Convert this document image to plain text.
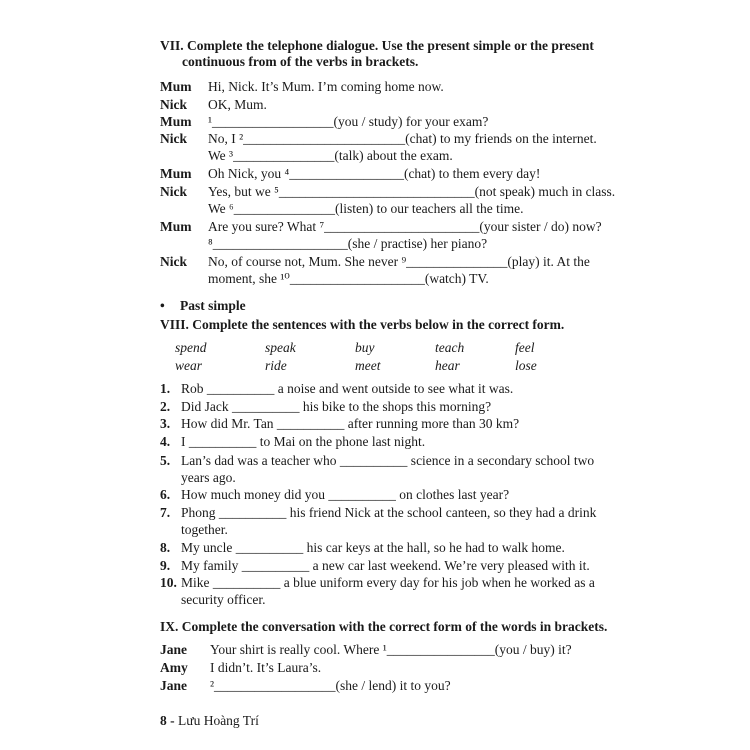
VII. Complete the telephone dialogue. Use the present simple or the present
continuous from of the verbs in brackets.
Mum Hi, Nick. It’s Mum. I’m coming home now.
Nick OK, Mum.
Mum ¹__________________(you / study) for your exam?
Nick No, I ²________________________(chat) to my friends on the internet.
We ³_______________(talk) about the exam.
Mum Oh Nick, you ⁴_________________(chat) to them every day!
Nick Yes, but we ⁵_____________________________(not speak) much in class.
We ⁶_______________(listen) to our teachers all the time.
Mum Are you sure? What ⁷_______________________(your sister / do) now?
⁸____________________(she / practise) her piano?
Nick No, of course not, Mum. She never ⁹_______________(play) it. At the
moment, she ¹⁰____________________(watch) TV.
• Past simple
VIII. Complete the sentences with the verbs below in the correct form.
spend	speak	buy	teach	feel
wear	ride	meet	hear	lose
1. Rob __________ a noise and went outside to see what it was.
2. Did Jack __________ his bike to the shops this morning?
3. How did Mr. Tan __________ after running more than 30 km?
4. I __________ to Mai on the phone last night.
5. Lan’s dad was a teacher who __________ science in a secondary school two
years ago.
6. How much money did you __________ on clothes last year?
7. Phong __________ his friend Nick at the school canteen, so they had a drink
together.
8. My uncle __________ his car keys at the hall, so he had to walk home.
9. My family __________ a new car last weekend. We’re very pleased with it.
10. Mike __________ a blue uniform every day for his job when he worked as a
security officer.
IX. Complete the conversation with the correct form of the words in brackets.
Jane Your shirt is really cool. Where ¹________________(you / buy) it?
Amy I didn’t. It’s Laura’s.
Jane ²__________________(she / lend) it to you?
8 - Lưu Hoàng Trí
